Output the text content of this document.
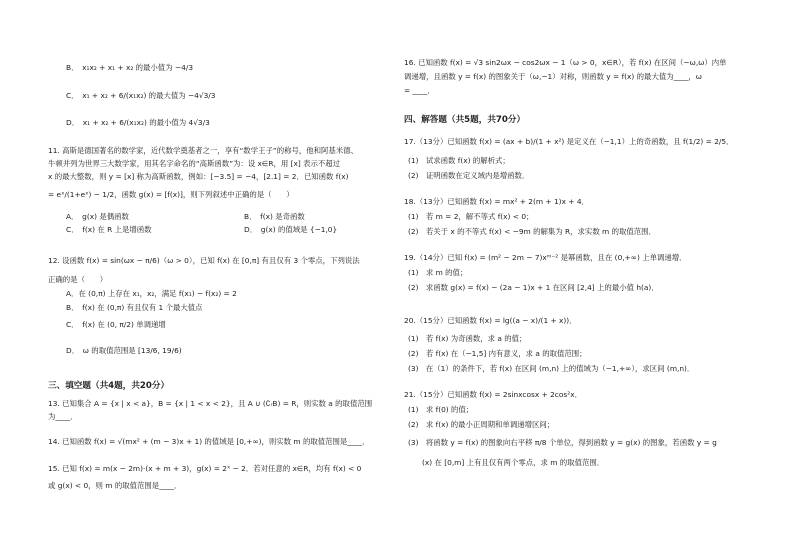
B．　x₁x₂ + x₁ + x₂ 的最小值为 −4/3

C．　x₁ + x₂ + 6/(x₁x₂) 的最大值为 −4√3/3

D．　x₁ + x₂ + 6/(x₁x₂) 的最小值为 4√3/3

11. 高斯是德国著名的数学家，近代数学奠基者之一，享有“数学王子”的称号，他和阿基米德、

牛顿并列为世界三大数学家，用其名字命名的“高斯函数”为：设 x∈R，用 [x] 表示不超过

x 的最大整数，则 y = [x] 称为高斯函数，例如：[−3.5] = −4，[2.1] = 2．已知函数 f(x)

= eˣ/(1+eˣ) − 1/2，函数 g(x) = [f(x)]，则下列叙述中正确的是（　　）

A．　g(x) 是偶函数	B．　f(x) 是奇函数

C．　f(x) 在 R 上是增函数	D．　g(x) 的值域是 {−1,0}

12. 设函数 f(x) = sin(ωx − π/6)（ω > 0），已知 f(x) 在 [0,π] 有且仅有 3 个零点，下列说法

正确的是（　　）

A．在 (0,π) 上存在 x₁，x₂，满足 f(x₁) − f(x₂) = 2

B．　f(x) 在 (0,π) 有且仅有 1 个最大值点

C．　f(x) 在 (0, π/2) 单调递增

D．　ω 的取值范围是 [13/6, 19/6)

三、填空题（共4题，共20分）

13. 已知集合 A = {x | x < a}，B = {x | 1 < x < 2}，且 A ∪ (∁ᵣB) = R，则实数 a 的取值范围

为____．

14. 已知函数 f(x) = √(mx² + (m − 3)x + 1) 的值域是 [0,+∞)，则实数 m 的取值范围是____．

15. 已知 f(x) = m(x − 2m)·(x + m + 3)，g(x) = 2ˣ − 2．若对任意的 x∈R，均有 f(x) < 0

或 g(x) < 0，则 m 的取值范围是____．

16. 已知函数 f(x) = √3 sin2ωx − cos2ωx − 1（ω > 0，x∈R），若 f(x) 在区间（−ω,ω）内单

调递增，且函数 y = f(x) 的图象关于（ω,−1）对称，则函数 y = f(x) 的最大值为____，ω

= ____．

四、解答题（共5题，共70分）

17.（13分）已知函数 f(x) = (ax + b)/(1 + x²) 是定义在（−1,1）上的奇函数，且 f(1/2) = 2/5．

(1)　试求函数 f(x) 的解析式；

(2)　证明函数在定义域内是增函数．

18.（13分）已知函数 f(x) = mx² + 2(m + 1)x + 4．

(1)　若 m = 2，解不等式 f(x) < 0；

(2)　若关于 x 的不等式 f(x) < −9m 的解集为 R，求实数 m 的取值范围．

19.（14分）已知 f(x) = (m² − 2m − 7)xᵐ⁻² 是幂函数，且在 (0,+∞) 上单调递增．

(1)　求 m 的值；

(2)　求函数 g(x) = f(x) − (2a − 1)x + 1 在区间 [2,4] 上的最小值 h(a)．

20.（15分）已知函数 f(x) = lg((a − x)/(1 + x))．

(1)　若 f(x) 为奇函数，求 a 的值；

(2)　若 f(x) 在（−1,5] 内有意义，求 a 的取值范围；

(3)　在（1）的条件下，若 f(x) 在区间 (m,n) 上的值域为（−1,+∞），求区间 (m,n)．

21.（15分）已知函数 f(x) = 2sinxcosx + 2cos²x．

(1)　求 f(0) 的值；

(2)　求 f(x) 的最小正周期和单调递增区间；

(3)　将函数 y = f(x) 的图象向右平移 π/8 个单位，得到函数 y = g(x) 的图象，若函数 y = g

(x) 在 [0,m] 上有且仅有两个零点，求 m 的取值范围．
